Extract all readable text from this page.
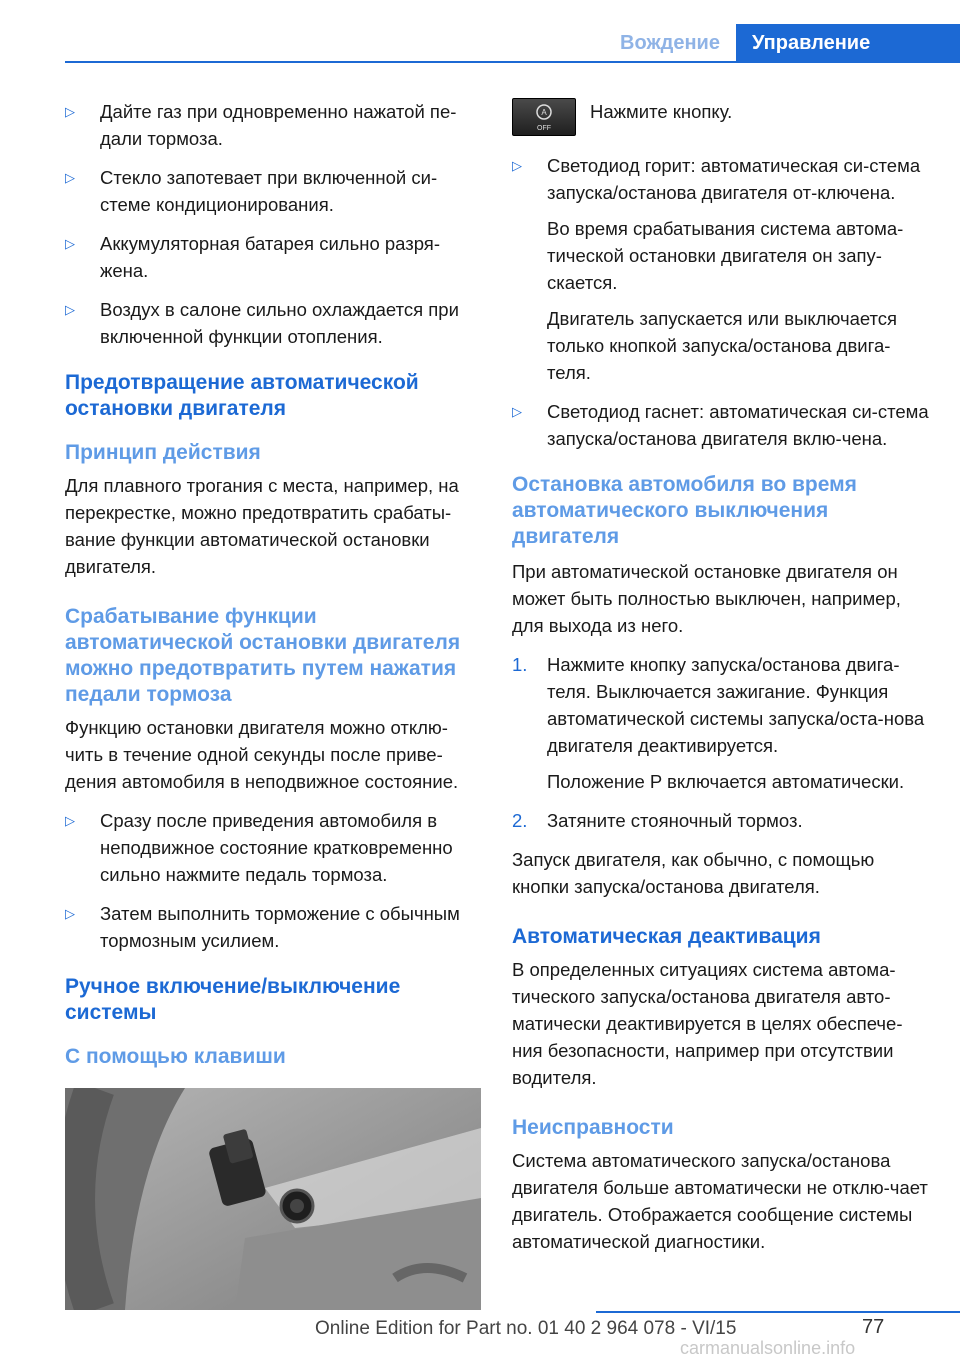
Вождение	Управление
▷ Дайте газ при одновременно нажатой пе‐дали тормоза.

▷ Стекло запотевает при включенной си‐стеме кондиционирования.

▷ Аккумуляторная батарея сильно разря‐жена.

▷ Воздух в салоне сильно охлаждается при включенной функции отопления.

Предотвращение автоматической остановки двигателя
Принцип действия

Для плавного трогания с места, например, на перекрестке, можно предотвратить срабаты‐вание функции автоматической остановки двигателя.

Срабатывание функции автоматической остановки двигателя можно предотвратить путем нажатия педали тормоза

Функцию остановки двигателя можно отклю‐чить в течение одной секунды после приве‐дения автомобиля в неподвижное состояние.

▷ Сразу после приведения автомобиля в неподвижное состояние кратковременно сильно нажмите педаль тормоза.

▷ Затем выполнить торможение с обычным тормозным усилием.

Ручное включение/выключение системы
С помощью клавиши
A
OFF

Нажмите кнопку.

▷ Светодиод горит: автоматическая си‐стема запуска/останова двигателя от‐ключена.

Во время срабатывания система автома‐тической остановки двигателя он запу‐скается.

Двигатель запускается или выключается только кнопкой запуска/останова двига‐теля.

▷ Светодиод гаснет: автоматическая си‐стема запуска/останова двигателя вклю‐чена.

Остановка автомобиля во время автоматического выключения двигателя

При автоматической остановке двигателя он может быть полностью выключен, например, для выхода из него.

1. Нажмите кнопку запуска/останова двига‐теля. Выключается зажигание. Функция автоматической системы запуска/оста‐нова двигателя деактивируется.

Положение P включается автоматически.

2. Затяните стояночный тормоз.

Запуск двигателя, как обычно, с помощью кнопки запуска/останова двигателя.

Автоматическая деактивация

В определенных ситуациях система автома‐тического запуска/останова двигателя авто‐матически деактивируется в целях обеспече‐ния безопасности, например при отсутствии водителя.

Неисправности

Система автоматического запуска/останова двигателя больше автоматически не отклю‐чает двигатель. Отображается сообщение системы автоматической диагностики.

77
Online Edition for Part no. 01 40 2 964 078 - VI/15
carmanualsonline.info
